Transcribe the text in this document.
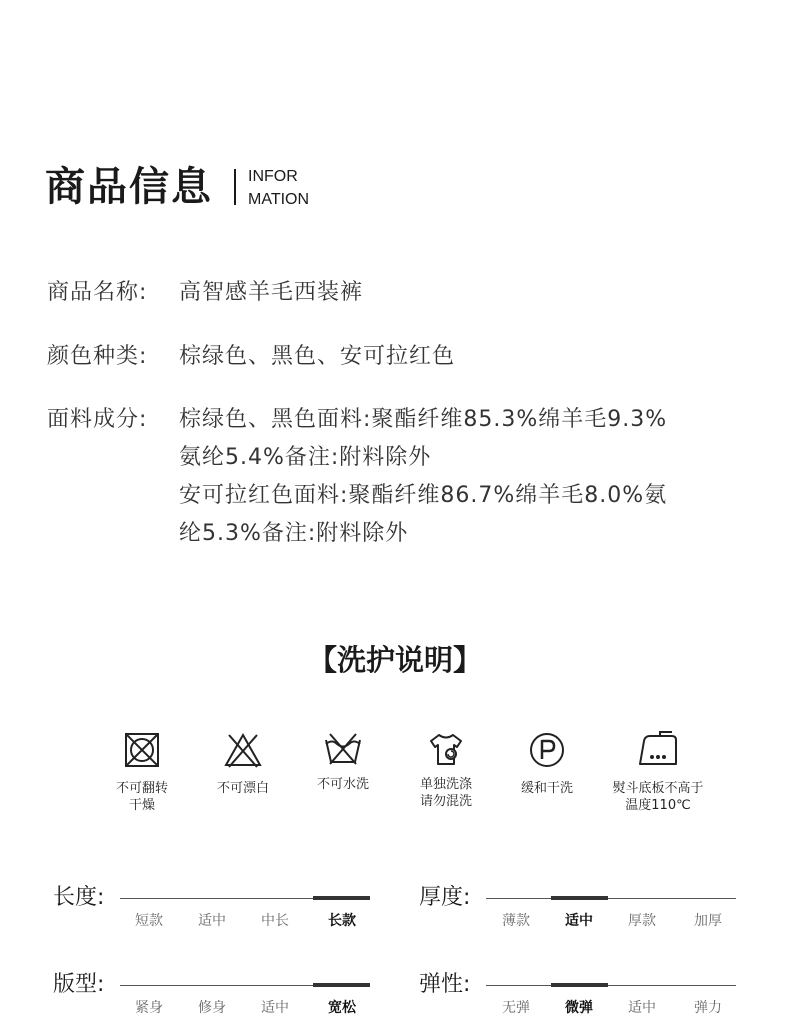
商品信息 INFOR
MATION
商品名称: 高智感羊毛西装裤
颜色种类: 棕绿色、黑色、安可拉红色
面料成分: 棕绿色、黑色面料:聚酯纤维85.3%绵羊毛9.3%
氨纶5.4%备注:附料除外
安可拉红色面料:聚酯纤维86.7%绵羊毛8.0%氨
纶5.3%备注:附料除外
【洗护说明】
不可翻转
干燥
不可漂白	不可水洗	单独洗涤
请勿混洗
缓和干洗	熨斗底板不高于
温度110℃
长度:
短款	适中	中长	长款
厚度:
薄款	适中	厚款	加厚
版型:
紧身	修身	适中	宽松
弹性:
无弹	微弹	适中	弹力
